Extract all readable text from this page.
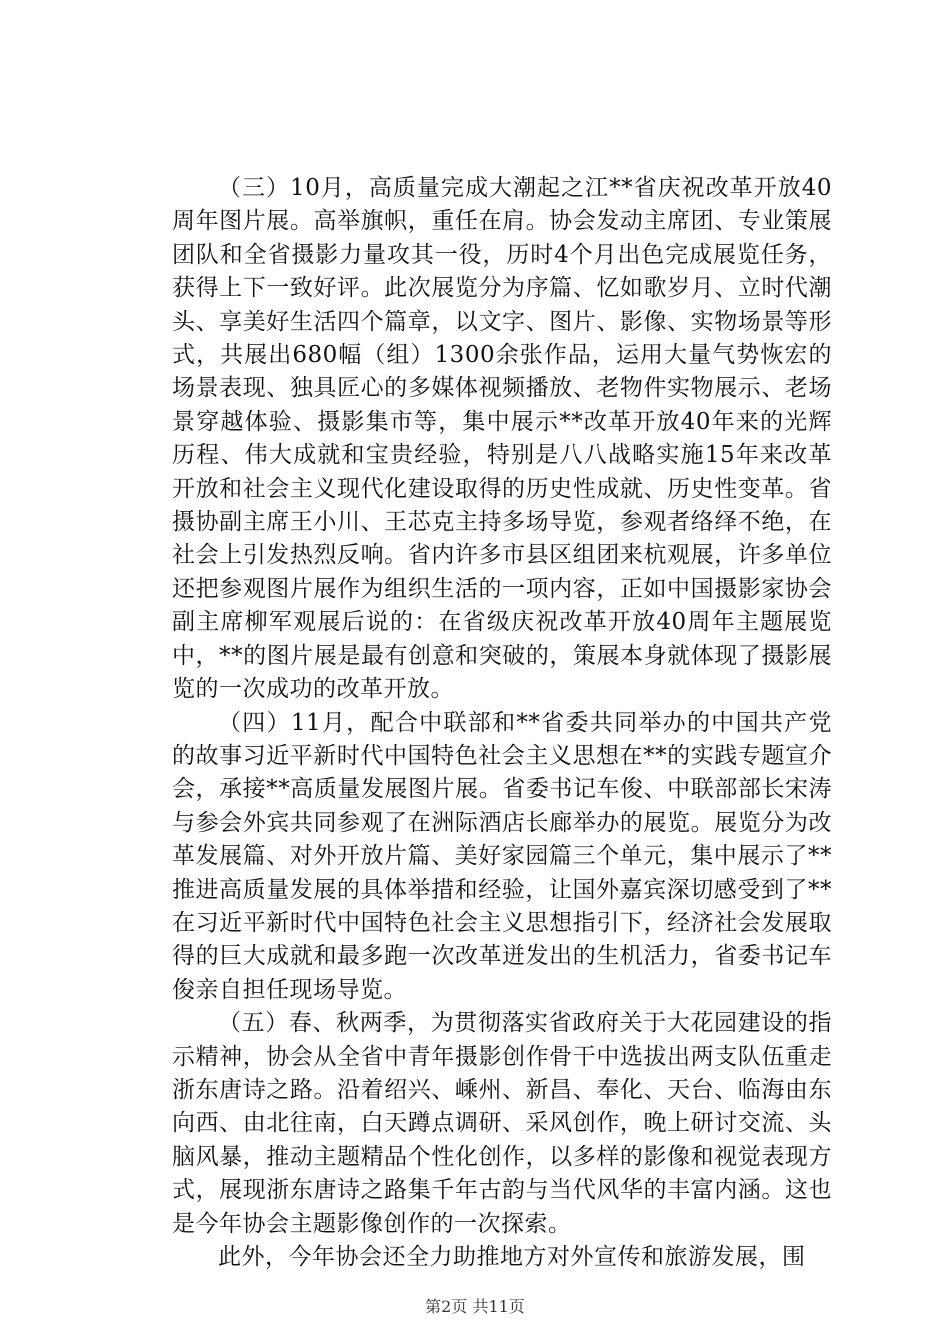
（三）10月，高质量完成大潮起之江**省庆祝改革开放40周年图片展。高举旗帜，重任在肩。协会发动主席团、专业策展团队和全省摄影力量攻其一役，历时4个月出色完成展览任务，获得上下一致好评。此次展览分为序篇、忆如歌岁月、立时代潮头、享美好生活四个篇章，以文字、图片、影像、实物场景等形式，共展出680幅（组）1300余张作品，运用大量气势恢宏的场景表现、独具匠心的多媒体视频播放、老物件实物展示、老场景穿越体验、摄影集市等，集中展示**改革开放40年来的光辉历程、伟大成就和宝贵经验，特别是八八战略实施15年来改革开放和社会主义现代化建设取得的历史性成就、历史性变革。省摄协副主席王小川、王芯克主持多场导览，参观者络绎不绝，在社会上引发热烈反响。省内许多市县区组团来杭观展，许多单位还把参观图片展作为组织生活的一项内容，正如中国摄影家协会副主席柳军观展后说的：在省级庆祝改革开放40周年主题展览中，**的图片展是最有创意和突破的，策展本身就体现了摄影展览的一次成功的改革开放。

（四）11月，配合中联部和**省委共同举办的中国共产党的故事习近平新时代中国特色社会主义思想在**的实践专题宣介会，承接**高质量发展图片展。省委书记车俊、中联部部长宋涛与参会外宾共同参观了在洲际酒店长廊举办的展览。展览分为改革发展篇、对外开放片篇、美好家园篇三个单元，集中展示了**推进高质量发展的具体举措和经验，让国外嘉宾深切感受到了**在习近平新时代中国特色社会主义思想指引下，经济社会发展取得的巨大成就和最多跑一次改革迸发出的生机活力，省委书记车俊亲自担任现场导览。

（五）春、秋两季，为贯彻落实省政府关于大花园建设的指示精神，协会从全省中青年摄影创作骨干中选拔出两支队伍重走浙东唐诗之路。沿着绍兴、嵊州、新昌、奉化、天台、临海由东向西、由北往南，白天蹲点调研、采风创作，晚上研讨交流、头脑风暴，推动主题精品个性化创作，以多样的影像和视觉表现方式，展现浙东唐诗之路集千年古韵与当代风华的丰富内涵。这也是今年协会主题影像创作的一次探索。

此外，今年协会还全力助推地方对外宣传和旅游发展，围

第2页 共11页
